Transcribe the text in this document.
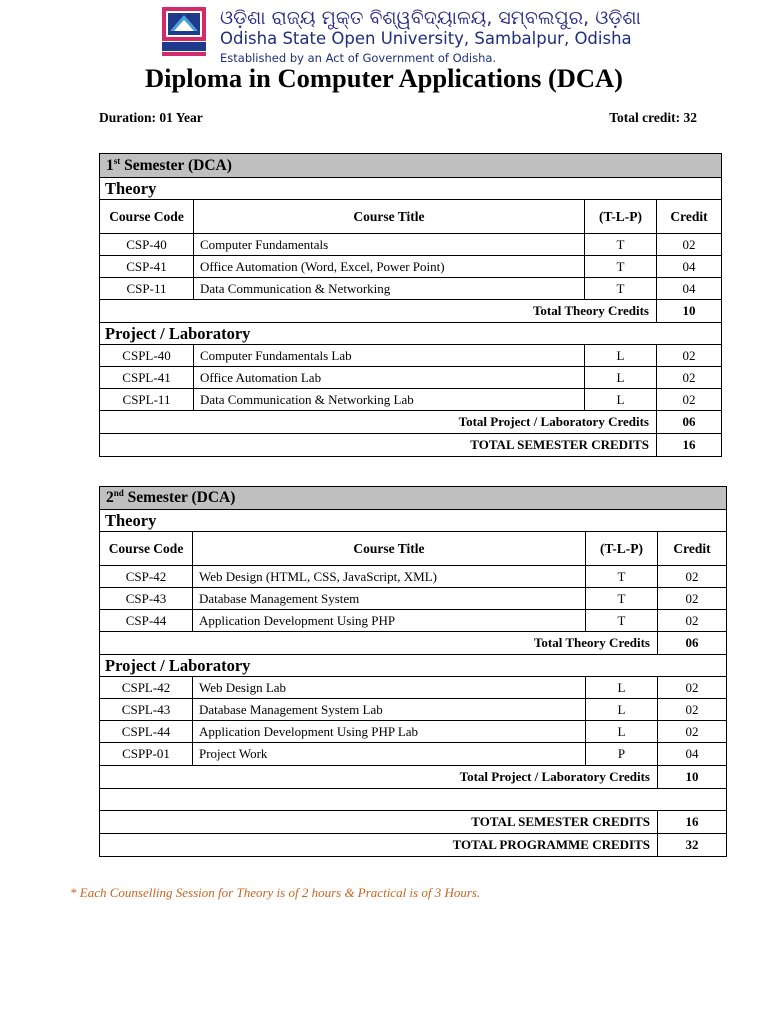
ଓଡ଼ିଶା ରାଜ୍ୟ ମୁକ୍ତ ବିଶ୍ୱବିଦ୍ୟାଳୟ, ସମ୍ବଲପୁର, ଓଡ଼ିଶା
Odisha State Open University, Sambalpur, Odisha
Established by an Act of Government of Odisha.
Diploma in Computer Applications (DCA)
Duration: 01 Year	Total credit: 32
1st Semester (DCA)			
Theory			
Course Code	Course Title	(T-L-P)	Credit
CSP-40	Computer Fundamentals	T	02
CSP-41	Office Automation (Word, Excel, Power Point)	T	04
CSP-11	Data Communication & Networking	T	04
Total Theory Credits			10
Project / Laboratory			
CSPL-40	Computer Fundamentals Lab	L	02
CSPL-41	Office Automation Lab	L	02
CSPL-11	Data Communication & Networking Lab	L	02
Total Project / Laboratory Credits			06
TOTAL SEMESTER CREDITS			16
2nd Semester (DCA)			
Theory			
Course Code	Course Title	(T-L-P)	Credit
CSP-42	Web Design (HTML, CSS, JavaScript, XML)	T	02
CSP-43	Database Management System	T	02
CSP-44	Application Development Using PHP	T	02
Total Theory Credits			06
Project / Laboratory			
CSPL-42	Web Design Lab	L	02
CSPL-43	Database Management System Lab	L	02
CSPL-44	Application Development Using PHP Lab	L	02
CSPP-01	Project Work	P	04
Total Project / Laboratory Credits			10

TOTAL SEMESTER CREDITS			16
TOTAL PROGRAMME CREDITS			32
* Each Counselling Session for Theory is of 2 hours & Practical is of 3 Hours.
